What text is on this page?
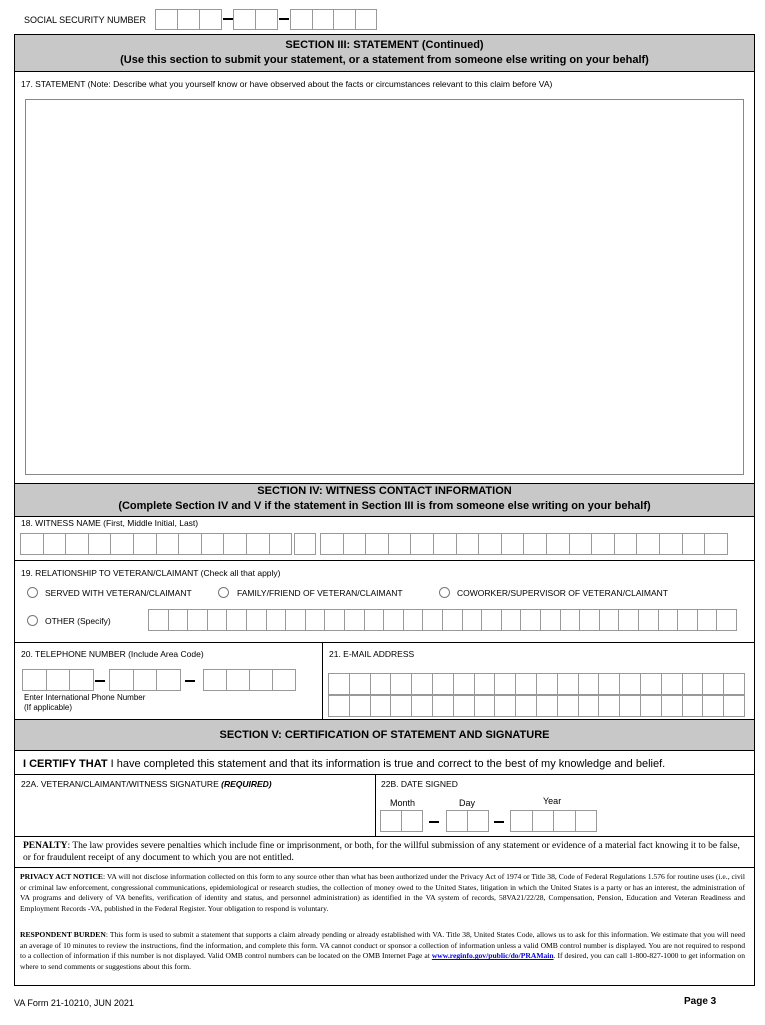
SOCIAL SECURITY NUMBER
SECTION III: STATEMENT (Continued)
(Use this section to submit your statement, or a statement from someone else writing on your behalf)
17. STATEMENT (Note: Describe what you yourself know or have observed about the facts or circumstances relevant to this claim before VA)
SECTION IV: WITNESS CONTACT INFORMATION
(Complete Section IV and V if the statement in Section III is from someone else writing on your behalf)
18. WITNESS NAME (First, Middle Initial, Last)
19. RELATIONSHIP TO VETERAN/CLAIMANT (Check all that apply)
SERVED WITH VETERAN/CLAIMANT	FAMILY/FRIEND OF VETERAN/CLAIMANT	COWORKER/SUPERVISOR OF VETERAN/CLAIMANT
OTHER (Specify)
20. TELEPHONE NUMBER (Include Area Code)
Enter International Phone Number
(If applicable)
21. E-MAIL ADDRESS
SECTION V: CERTIFICATION OF STATEMENT AND SIGNATURE
I CERTIFY THAT I have completed this statement and that its information is true and correct to the best of my knowledge and belief.
22A. VETERAN/CLAIMANT/WITNESS SIGNATURE (REQUIRED)	22B. DATE SIGNED
Month	Day	Year
PENALTY: The law provides severe penalties which include fine or imprisonment, or both, for the willful submission of any statement or evidence of a material fact knowing it to be false, or for fraudulent receipt of any document to which you are not entitled.
PRIVACY ACT NOTICE: VA will not disclose information collected on this form to any source other than what has been authorized under the Privacy Act of 1974 or Title 38, Code of Federal Regulations 1.576 for routine uses (i.e., civil or criminal law enforcement, congressional communications, epidemiological or research studies, the collection of money owed to the United States, litigation in which the United States is a party or has an interest, the administration of VA programs and delivery of VA benefits, verification of identity and status, and personnel administration) as identified in the VA system of records, 58VA21/22/28, Compensation, Pension, Education and Veteran Readiness and Employment Records -VA, published in the Federal Register. Your obligation to respond is voluntary.
RESPONDENT BURDEN: This form is used to submit a statement that supports a claim already pending or already established with VA. Title 38, United States Code, allows us to ask for this information. We estimate that you will need an average of 10 minutes to review the instructions, find the information, and complete this form. VA cannot conduct or sponsor a collection of information unless a valid OMB control number is displayed. You are not required to respond to a collection of information if this number is not displayed. Valid OMB control numbers can be located on the OMB Internet Page at www.reginfo.gov/public/do/PRAMain. If desired, you can call 1-800-827-1000 to get information on where to send comments or suggestions about this form.
VA Form 21-10210, JUN 2021	Page 3
